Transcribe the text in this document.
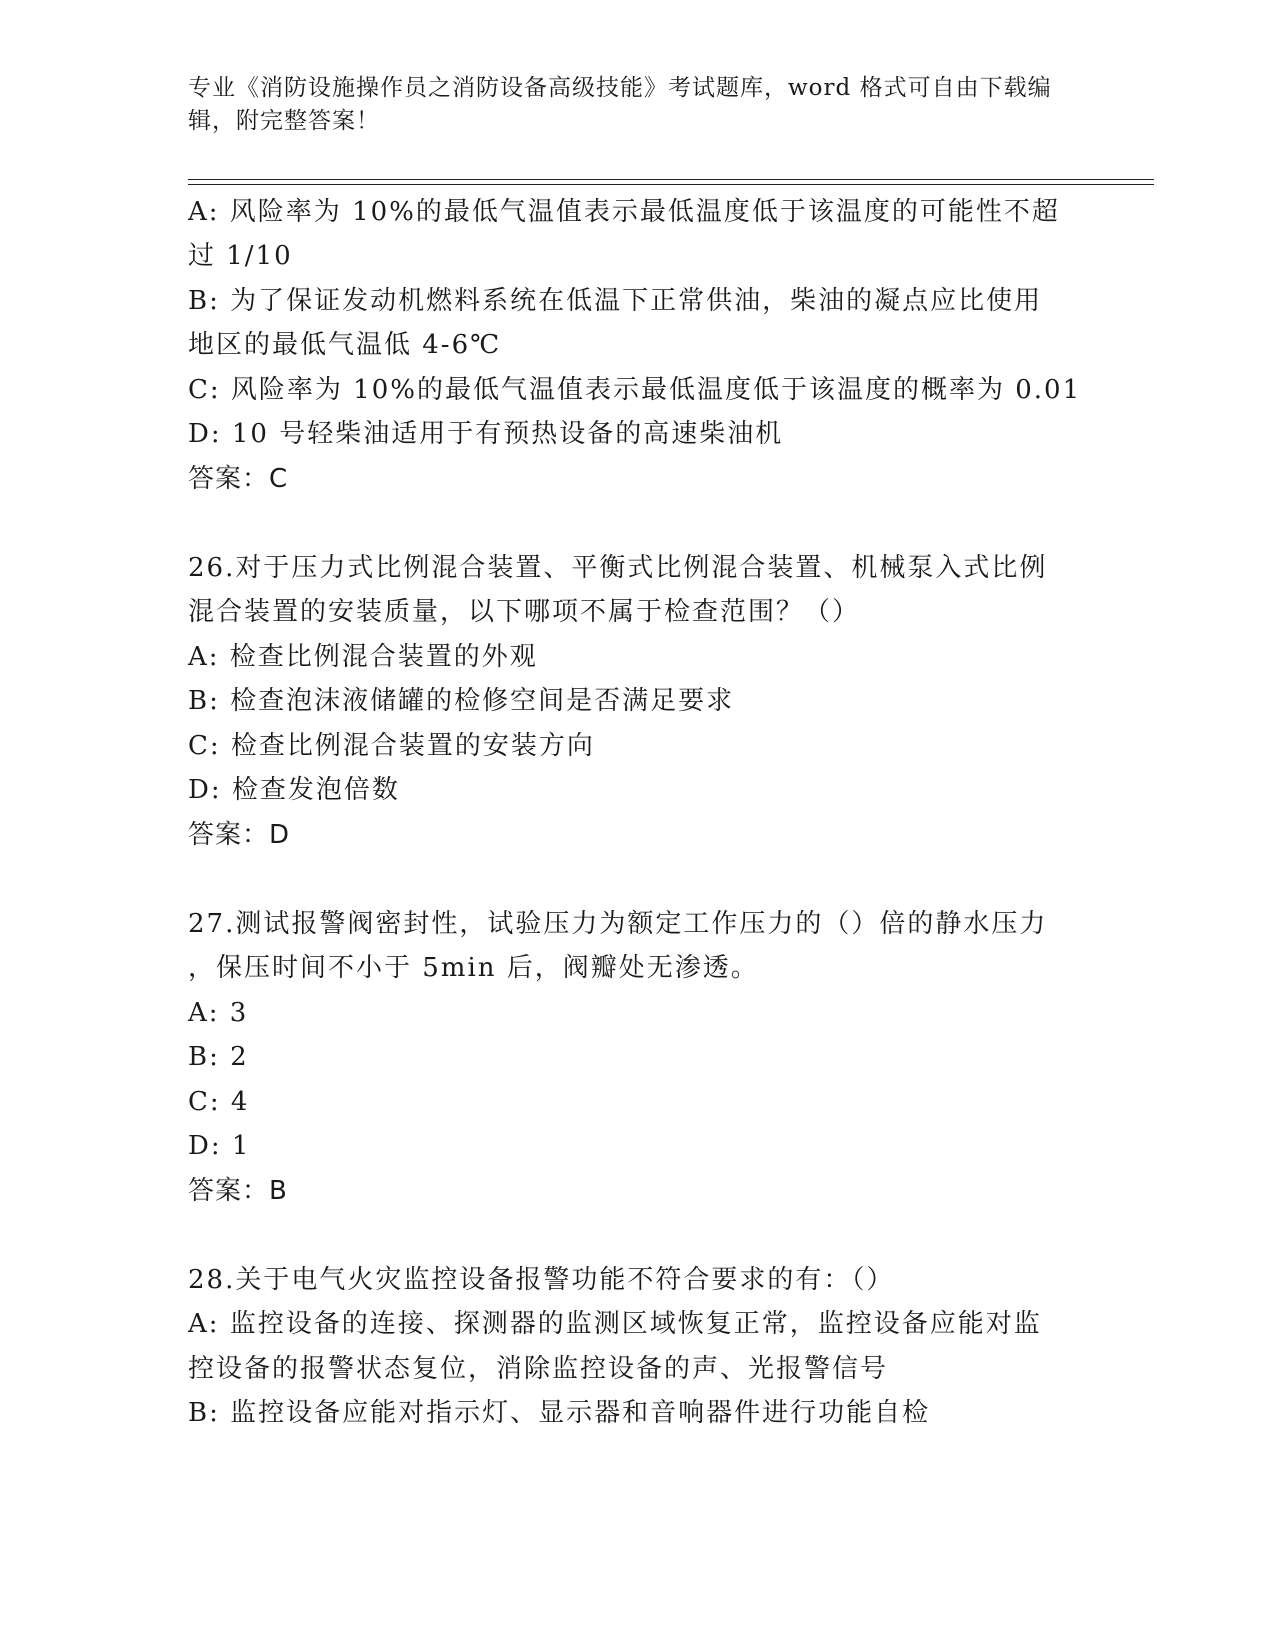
专业《消防设施操作员之消防设备高级技能》考试题库，word 格式可自由下载编
辑，附完整答案！
A: 风险率为 10%的最低气温值表示最低温度低于该温度的可能性不超
过 1/10
B: 为了保证发动机燃料系统在低温下正常供油，柴油的凝点应比使用
地区的最低气温低 4-6℃
C: 风险率为 10%的最低气温值表示最低温度低于该温度的概率为 0.01
D: 10 号轻柴油适用于有预热设备的高速柴油机
答案：C
26.对于压力式比例混合装置、平衡式比例混合装置、机械泵入式比例
混合装置的安装质量，以下哪项不属于检查范围？（）
A: 检查比例混合装置的外观
B: 检查泡沫液储罐的检修空间是否满足要求
C: 检查比例混合装置的安装方向
D: 检查发泡倍数
答案：D
27.测试报警阀密封性，试验压力为额定工作压力的（）倍的静水压力
，保压时间不小于 5min 后，阀瓣处无渗透。
A: 3
B: 2
C: 4
D: 1
答案：B
28.关于电气火灾监控设备报警功能不符合要求的有：（）
A: 监控设备的连接、探测器的监测区域恢复正常，监控设备应能对监
控设备的报警状态复位，消除监控设备的声、光报警信号
B: 监控设备应能对指示灯、显示器和音响器件进行功能自检
